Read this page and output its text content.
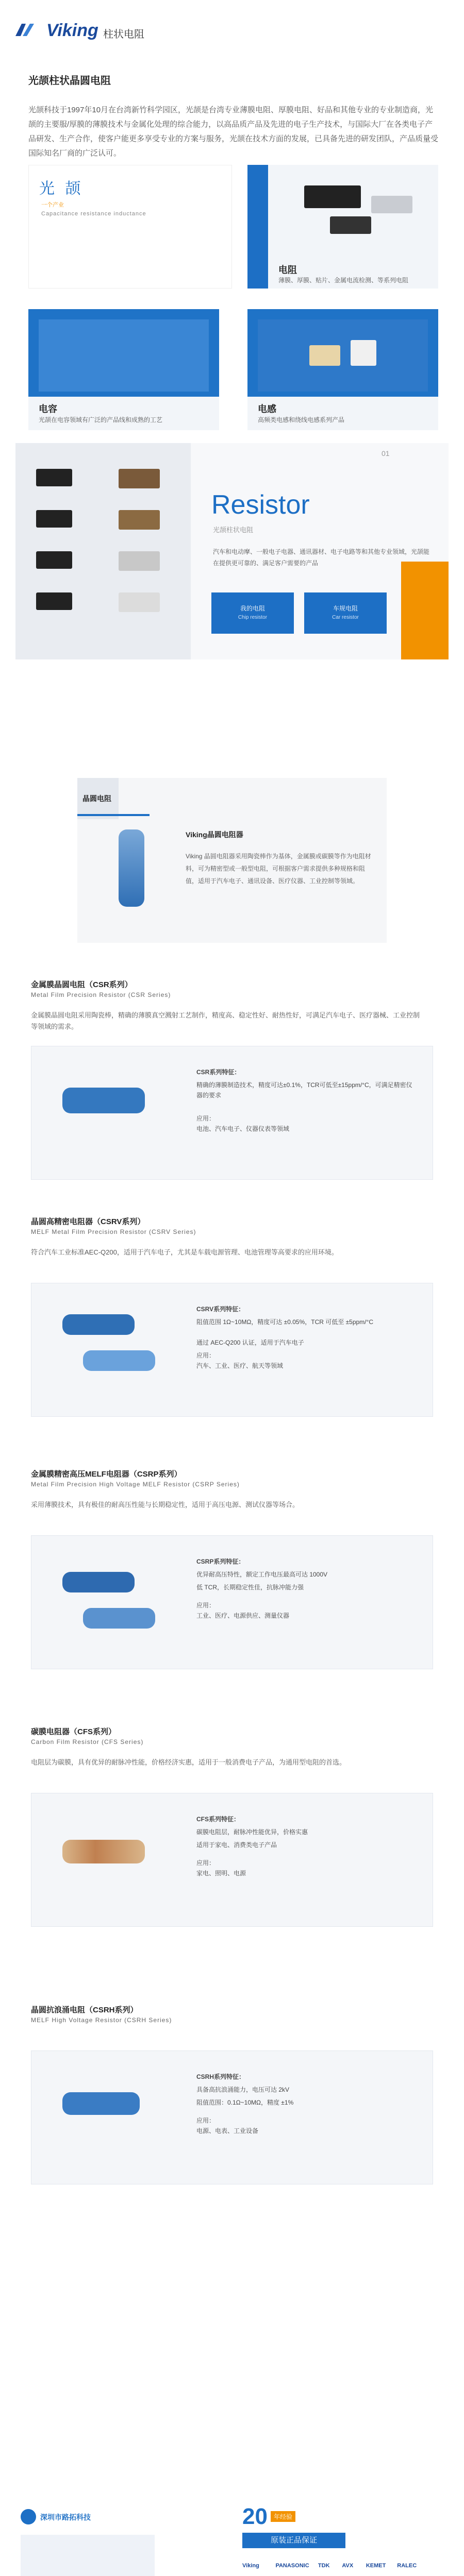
Viking 柱状电阻
光颉柱状晶圆电阻
光颉科技于1997年10月在台湾新竹科学园区，光颉是台湾专业薄膜电阻、厚膜电阻、好品和其他专业的专业制造商，光颉的主要服/厚膜的薄膜技术与金属化处理的综合能力，以高品质产品及先进的电子生产技术，与国际大厂在各类电子产品研发、生产合作，使客户能更多享受专业的方案与服务，光颉在技术方面的发展，已具备先进的研发团队，产品质量受国际知名厂商的广泛认可。
光 颉
一个产业
Capacitance resistance inductance
电阻
薄膜、厚膜、贴片、金属电流检测、等系列电阻
电容
光颉在电容领域有广泛的产品线和成熟的工艺
电感
高频类电感和绕线电感系列产品
01
Resistor
光颉柱状电阻
汽车和电动摩、一般电子电器、通讯器材、电子电路等和其他专业领域，光颉能在提供更可靠的、满足客户需要的产品
我的电阻
Chip resistor
车规电阻
Car resistor
晶圆电阻
Viking晶圆电阻器
Viking 晶圆电阻器采用陶瓷棒作为基体，金属膜或碳膜等作为电阻材料，可为精密型或一般型电阻，可根据客户需求提供多种规格和阻值，适用于汽车电子、通讯设备、医疗仪器、工业控制等领域。
金属膜晶圆电阻（CSR系列）
Metal Film Precision Resistor (CSR Series)
金属膜晶圆电阻采用陶瓷棒，精确的薄膜真空溅射工艺制作，精度高、稳定性好、耐热性好，可满足汽车电子、医疗器械、工业控制等领域的需求。
CSR系列特征：
精确的薄膜制造技术，精度可达±0.1%，TCR可低至±15ppm/°C，可满足精密仪器的要求
应用：
电池、汽车电子、仪器仪表等领域
晶圆高精密电阻器（CSRV系列）
MELF Metal Film Precision Resistor (CSRV Series)
符合汽车工业标准AEC-Q200，适用于汽车电子，尤其是车载电源管理、电池管理等高要求的应用环境。
CSRV系列特征：
阻值范围 1Ω~10MΩ，精度可达 ±0.05%，TCR 可低至 ±5ppm/°C
通过 AEC-Q200 认证，适用于汽车电子
应用：
汽车、工业、医疗、航天等领域
金属膜精密高压MELF电阻器（CSRP系列）
Metal Film Precision High Voltage MELF Resistor (CSRP Series)
采用薄膜技术，具有极佳的耐高压性能与长期稳定性，适用于高压电源、测试仪器等场合。
CSRP系列特征：
优异耐高压特性，额定工作电压最高可达 1000V
低 TCR，长期稳定性佳，抗脉冲能力强
应用：
工业、医疗、电源供应、测量仪器
碳膜电阻器（CFS系列）
Carbon Film Resistor (CFS Series)
电阻层为碳膜，具有优异的耐脉冲性能，价格经济实惠，适用于一般消费电子产品，为通用型电阻的首选。
CFS系列特征：
碳膜电阻层，耐脉冲性能优异，价格实惠
适用于家电、消费类电子产品
应用：
家电、照明、电源
晶圆抗浪涌电阻（CSRH系列）
MELF High Voltage Resistor (CSRH Series)
CSRH系列特征：
具备高抗浪涌能力，电压可达 2kV
阻值范围：0.1Ω~10MΩ，精度 ±1%
应用：
电源、电表、工业设备
深圳市路拓科技	20	年经验
原装正品保证
Viking	PANASONIC TDK AVX KEMET RALEC
